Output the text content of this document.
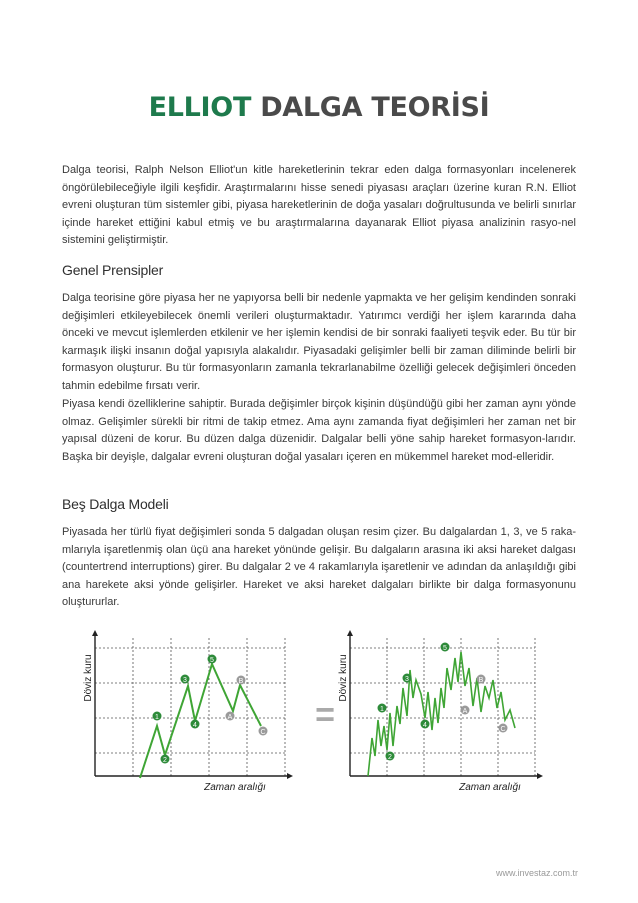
ELLIOT DALGA TEORİSİ

Dalga teorisi, Ralph Nelson Elliot'un kitle hareketlerinin tekrar eden dalga formasyonları incelenerek öngörülebileceğiyle ilgili keşfidir. Araştırmalarını hisse senedi piyasası araçları üzerine kuran R.N. Elliot evreni oluşturan tüm sistemler gibi, piyasa hareketlerinin de doğa yasaları doğrultusunda ve belirli sınırlar içinde hareket ettiğini kabul etmiş ve bu araştırmalarına dayanarak Elliot piyasa analizinin rasyo-nel sistemini geliştirmiştir.

Genel Prensipler

Dalga teorisine göre piyasa her ne yapıyorsa belli bir nedenle yapmakta ve her gelişim kendinden sonraki değişimleri etkileyebilecek önemli verileri oluşturmaktadır. Yatırımcı verdiği her işlem kararında daha önceki ve mevcut işlemlerden etkilenir ve her işlemin kendisi de bir sonraki faaliyeti teşvik eder. Bu tür bir karmaşık ilişki insanın doğal yapısıyla alakalıdır. Piyasadaki gelişimler belli bir zaman diliminde belirli bir formasyon oluşturur. Bu tür formasyonların zamanla tekrarlanabilme özelliği gelecek değişimleri önceden tahmin edebilme fırsatı verir.

Piyasa kendi özelliklerine sahiptir. Burada değişimler birçok kişinin düşündüğü gibi her zaman aynı yönde olmaz. Gelişimler sürekli bir ritmi de takip etmez. Ama aynı zamanda fiyat değişimleri her zaman net bir yapısal düzeni de korur. Bu düzen dalga düzenidir. Dalgalar belli yöne sahip hareket formasyon-larıdır. Başka bir deyişle, dalgalar evreni oluşturan doğal yasaları içeren en mükemmel hareket mod-elleridir.

Beş Dalga Modeli

Piyasada her türlü fiyat değişimleri sonda 5 dalgadan oluşan resim çizer. Bu dalgalardan 1, 3, ve 5 raka-mlarıyla işaretlenmiş olan üçü ana hareket yönünde gelişir. Bu dalgaların arasına iki aksi hareket dalgası (countertrend interruptions) girer. Bu dalgalar 2 ve 4 rakamlarıyla işaretlenir ve adından da anlaşıldığı gibi ana harekete aksi yönde gelişirler. Hareket ve aksi hareket dalgaları birlikte bir dalga formasyonunu oluştururlar.

Döviz kuru
Zaman aralığı
1
2
3
4
5
A
B
C =
Döviz kuru
Zaman aralığı
1
2
3
4
5
A
B
C
www.investaz.com.tr
